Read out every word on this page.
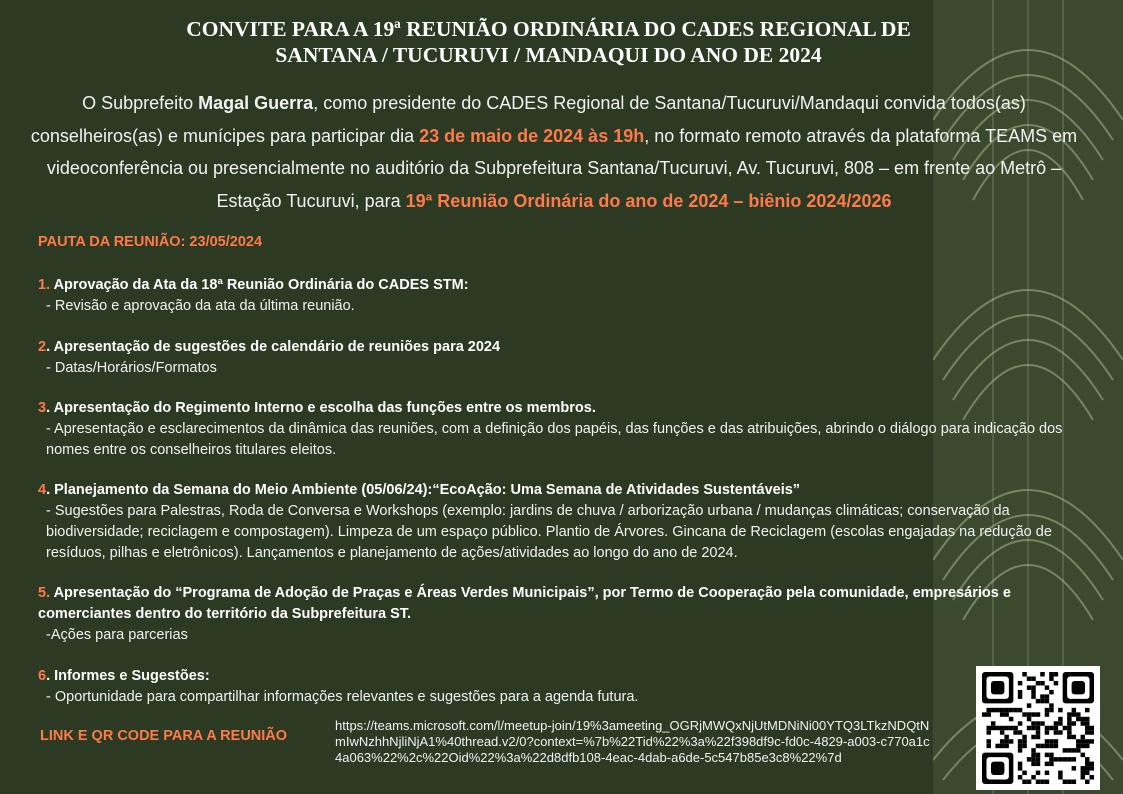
CONVITE PARA A 19ª REUNIÃO ORDINÁRIA DO CADES REGIONAL DE
SANTANA / TUCURUVI / MANDAQUI DO ANO DE 2024
O Subprefeito Magal Guerra, como presidente do CADES Regional de Santana/Tucuruvi/Mandaqui convida todos(as) conselheiros(as) e munícipes para participar dia 23 de maio de 2024 às 19h, no formato remoto através da plataforma TEAMS em videoconferência ou presencialmente no auditório da Subprefeitura Santana/Tucuruvi, Av. Tucuruvi, 808 – em frente ao Metrô – Estação Tucuruvi, para 19ª Reunião Ordinária do ano de 2024 – biênio 2024/2026
PAUTA DA REUNIÃO: 23/05/2024
1. Aprovação da Ata da 18ª Reunião Ordinária do CADES STM:
- Revisão e aprovação da ata da última reunião.
2. Apresentação de sugestões de calendário de reuniões para 2024
- Datas/Horários/Formatos
3. Apresentação do Regimento Interno e escolha das funções entre os membros.
- Apresentação e esclarecimentos da dinâmica das reuniões, com a definição dos papéis, das funções e das atribuições, abrindo o diálogo para indicação dos nomes entre os conselheiros titulares eleitos.
4. Planejamento da Semana do Meio Ambiente (05/06/24):“EcoAção: Uma Semana de Atividades Sustentáveis”
- Sugestões para Palestras, Roda de Conversa e Workshops (exemplo: jardins de chuva / arborização urbana / mudanças climáticas; conservação da biodiversidade; reciclagem e compostagem). Limpeza de um espaço público. Plantio de Árvores. Gincana de Reciclagem (escolas engajadas na redução de resíduos, pilhas e eletrônicos). Lançamentos e planejamento de ações/atividades ao longo do ano de 2024.
5. Apresentação do “Programa de Adoção de Praças e Áreas Verdes Municipais”, por Termo de Cooperação pela comunidade, empresários e comerciantes dentro do território da Subprefeitura ST.
-Ações para parcerias
6. Informes e Sugestões:
- Oportunidade para compartilhar informações relevantes e sugestões para a agenda futura.
LINK E QR CODE PARA A REUNIÃO
https://teams.microsoft.com/l/meetup-join/19%3ameeting_OGRjMWQxNjUtMDNiNi00YTQ3LTkzNDQtNmIwNzhhNjliNjA1%40thread.v2/0?context=%7b%22Tid%22%3a%22f398df9c-fd0c-4829-a003-c770a1c4a063%22%2c%22Oid%22%3a%22d8dfb108-4eac-4dab-a6de-5c547b85e3c8%22%7d
